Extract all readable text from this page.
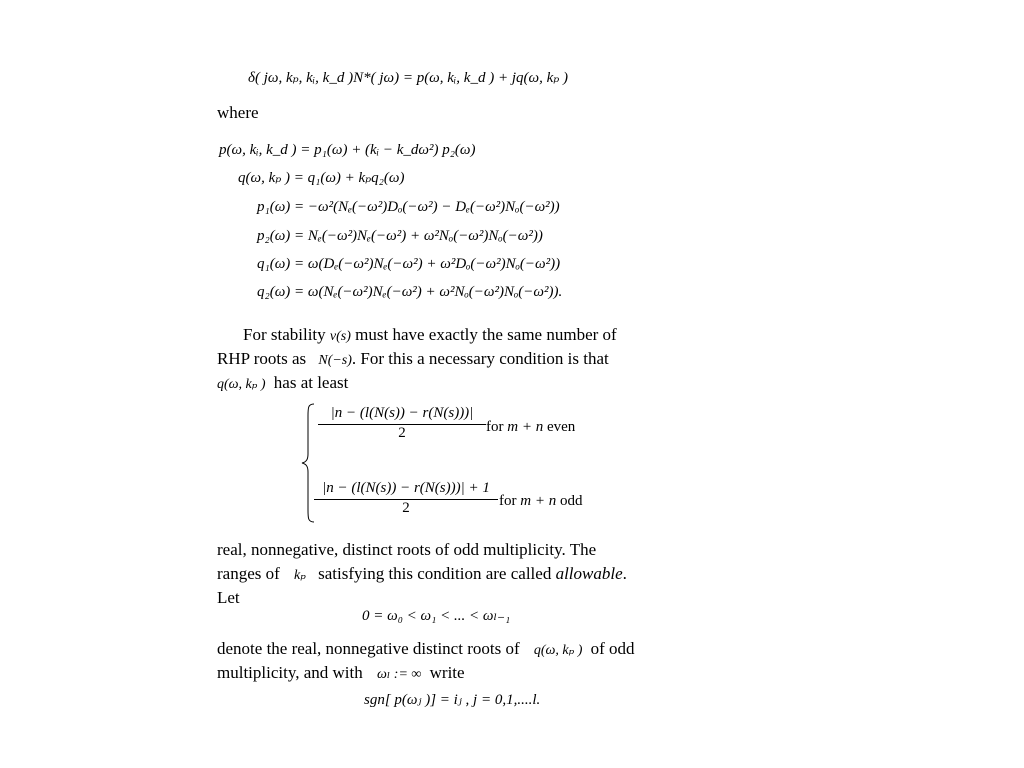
δ( jω, kₚ, kᵢ, k_d )N*( jω) = p(ω, kᵢ, k_d ) + jq(ω, kₚ )
where
p(ω, kᵢ, k_d ) = p₁(ω) + (kᵢ − k_dω²) p₂(ω)
q(ω, kₚ ) = q₁(ω) + kₚq₂(ω)
p₁(ω) = −ω²(Nₑ(−ω²)Dₒ(−ω²) − Dₑ(−ω²)Nₒ(−ω²))
p₂(ω) = Nₑ(−ω²)Nₑ(−ω²) + ω²Nₒ(−ω²)Nₒ(−ω²))
q₁(ω) = ω(Dₑ(−ω²)Nₑ(−ω²) + ω²Dₒ(−ω²)Nₒ(−ω²))
q₂(ω) = ω(Nₑ(−ω²)Nₑ(−ω²) + ω²Nₒ(−ω²)Nₒ(−ω²)).
For stability v(s) must have exactly the same number of
RHP roots as N(−s). For this a necessary condition is that
q(ω, kₚ ) has at least
|n − (l(N(s)) − r(N(s)))|
2	for m + n even
|n − (l(N(s)) − r(N(s)))| + 1
2	for m + n odd
real, nonnegative, distinct roots of odd multiplicity. The
ranges of kₚ satisfying this condition are called allowable.
Let
0 = ω₀ < ω₁ < ... < ωₗ₋₁
denote the real, nonnegative distinct roots of q(ω, kₚ ) of odd
multiplicity, and with ωₗ := ∞ write
sgn[ p(ωⱼ )] = iⱼ , j = 0,1,....l.
